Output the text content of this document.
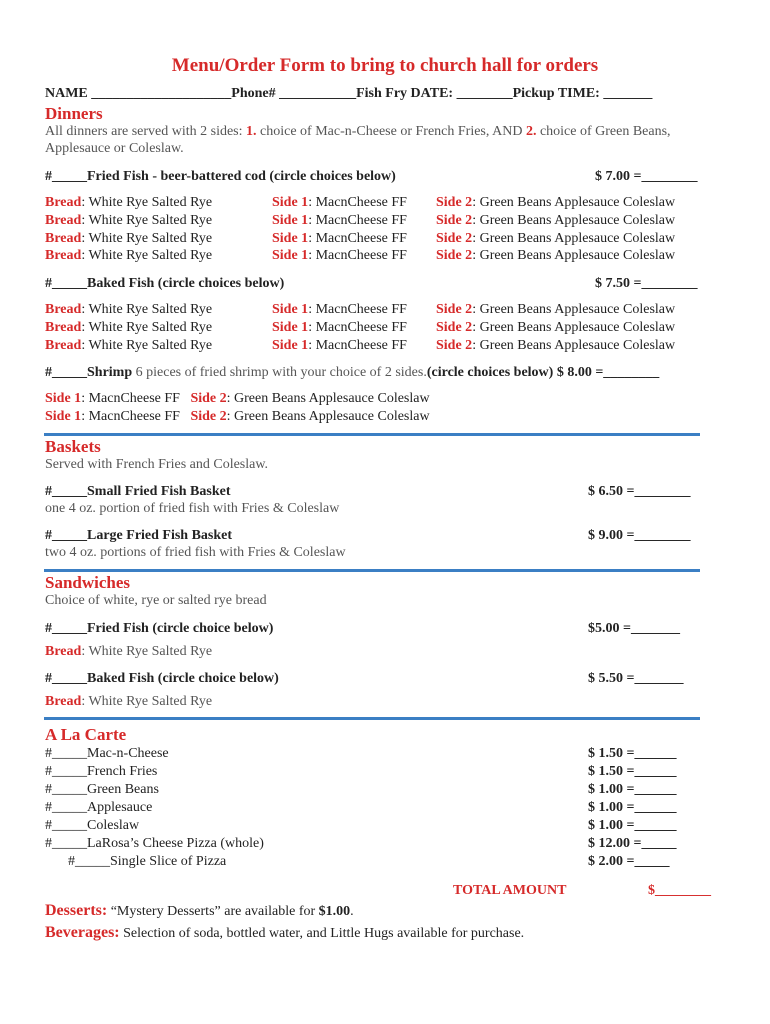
Menu/Order Form to bring to church hall for orders
NAME ____________________Phone# ___________Fish Fry DATE: ________Pickup TIME: _______
Dinners
All dinners are served with 2 sides: 1. choice of Mac-n-Cheese or French Fries, AND 2. choice of Green Beans,
Applesauce or Coleslaw.
#_____Fried Fish - beer-battered cod (circle choices below)	$ 7.00 =________
Bread: White Rye Salted Rye	Side 1: MacnCheese FF Side 2: Green Beans Applesauce Coleslaw
Bread: White Rye Salted Rye	Side 1: MacnCheese FF Side 2: Green Beans Applesauce Coleslaw
Bread: White Rye Salted Rye	Side 1: MacnCheese FF Side 2: Green Beans Applesauce Coleslaw
Bread: White Rye Salted Rye	Side 1: MacnCheese FF Side 2: Green Beans Applesauce Coleslaw
#_____Baked Fish (circle choices below)	$ 7.50 =________
Bread: White Rye Salted Rye	Side 1: MacnCheese FF Side 2: Green Beans Applesauce Coleslaw
Bread: White Rye Salted Rye	Side 1: MacnCheese FF Side 2: Green Beans Applesauce Coleslaw
Bread: White Rye Salted Rye	Side 1: MacnCheese FF Side 2: Green Beans Applesauce Coleslaw
#_____Shrimp 6 pieces of fried shrimp with your choice of 2 sides.(circle choices below) $ 8.00 =________
Side 1: MacnCheese FF Side 2: Green Beans Applesauce Coleslaw
Side 1: MacnCheese FF Side 2: Green Beans Applesauce Coleslaw
Baskets
Served with French Fries and Coleslaw.
#_____Small Fried Fish Basket	$ 6.50 =________
one 4 oz. portion of fried fish with Fries & Coleslaw
#_____Large Fried Fish Basket	$ 9.00 =________
two 4 oz. portions of fried fish with Fries & Coleslaw
Sandwiches
Choice of white, rye or salted rye bread
#_____Fried Fish (circle choice below)	$5.00 =_______
Bread: White Rye Salted Rye
#_____Baked Fish (circle choice below)	$ 5.50 =_______
Bread: White Rye Salted Rye
A La Carte
#_____Mac-n-Cheese	$ 1.50 =______
#_____French Fries	$ 1.50 =______
#_____Green Beans	$ 1.00 =______
#_____Applesauce	$ 1.00 =______
#_____Coleslaw	$ 1.00 =______
#_____LaRosa’s Cheese Pizza (whole)	$ 12.00 =_____
#_____Single Slice of Pizza	$ 2.00 =_____
TOTAL AMOUNT	$________
Desserts: “Mystery Desserts” are available for $1.00.
Beverages: Selection of soda, bottled water, and Little Hugs available for purchase.
